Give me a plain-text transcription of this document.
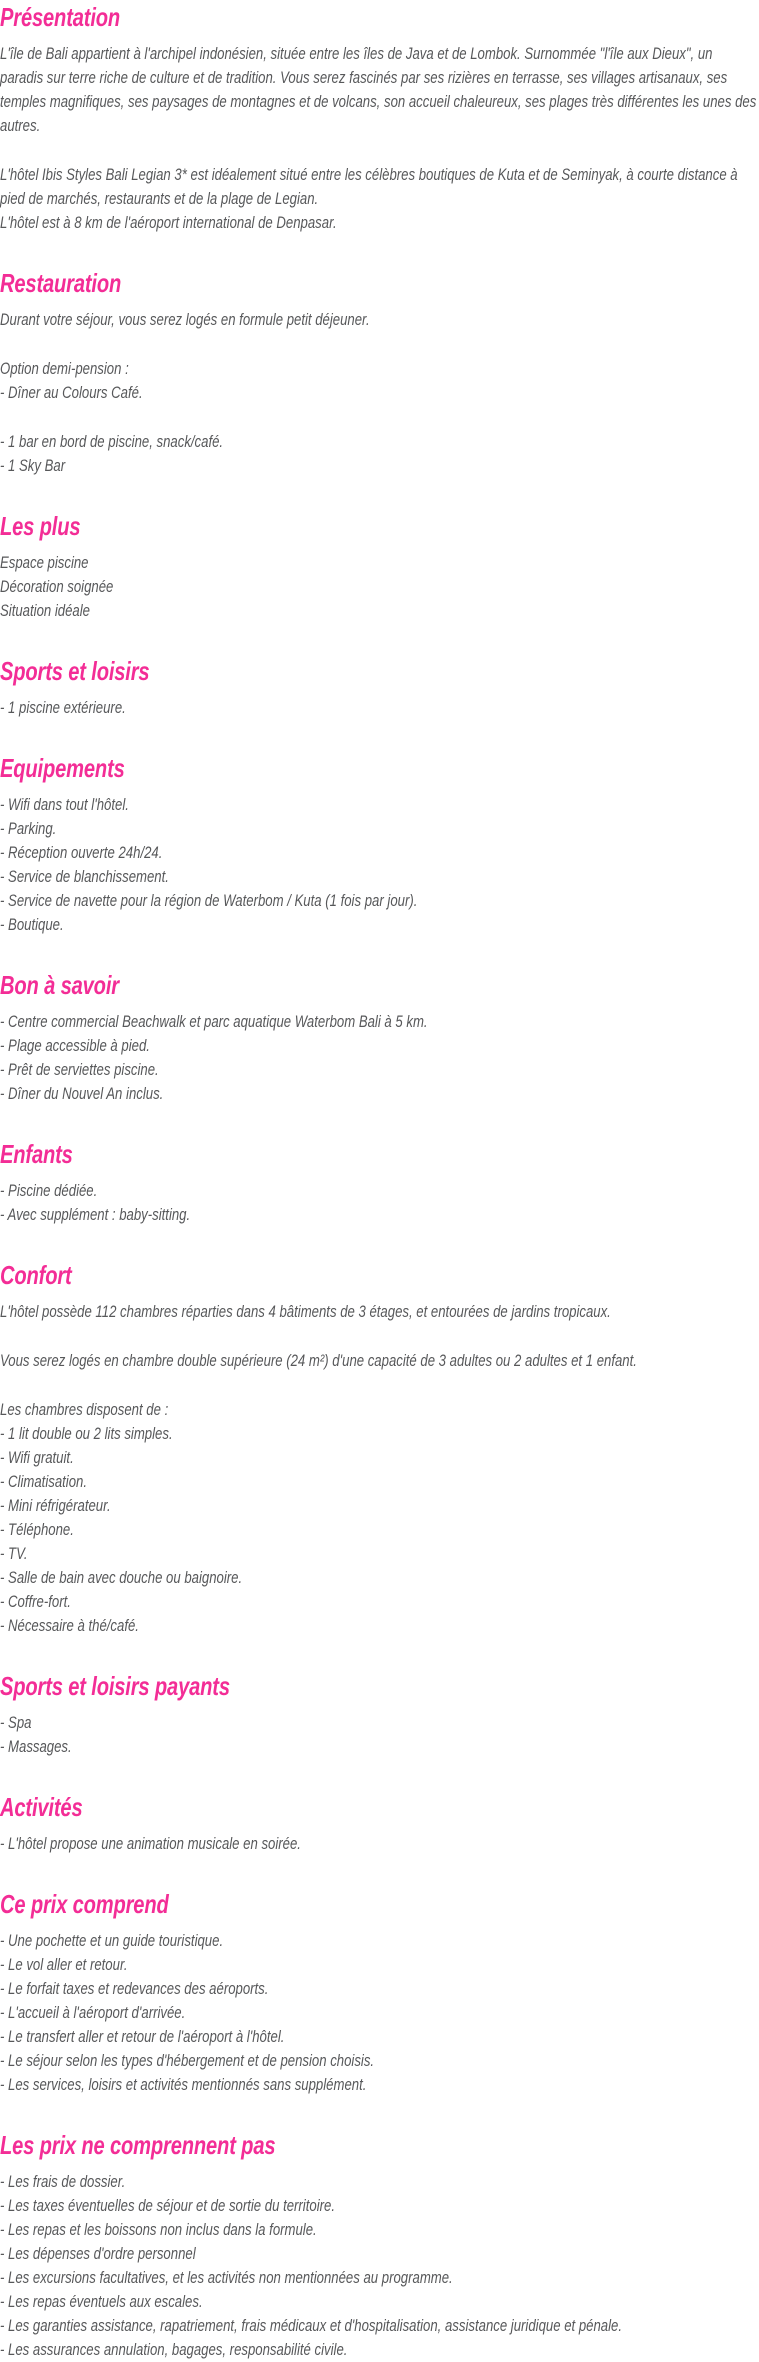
Présentation

L'île de Bali appartient à l'archipel indonésien, située entre les îles de Java et de Lombok. Surnommée "l'île aux Dieux", un paradis sur terre riche de culture et de tradition. Vous serez fascinés par ses rizières en terrasse, ses villages artisanaux, ses temples magnifiques, ses paysages de montagnes et de volcans, son accueil chaleureux, ses plages très différentes les unes des autres.

L'hôtel Ibis Styles Bali Legian 3* est idéalement situé entre les célèbres boutiques de Kuta et de Seminyak, à courte distance à pied de marchés, restaurants et de la plage de Legian.
L'hôtel est à 8 km de l'aéroport international de Denpasar.

Restauration

Durant votre séjour, vous serez logés en formule petit déjeuner.

Option demi-pension :
- Dîner au Colours Café.

- 1 bar en bord de piscine, snack/café.
- 1 Sky Bar

Les plus

Espace piscine
Décoration soignée
Situation idéale

Sports et loisirs

- 1 piscine extérieure.

Equipements

- Wifi dans tout l'hôtel.
- Parking.
- Réception ouverte 24h/24.
- Service de blanchissement.
- Service de navette pour la région de Waterbom / Kuta (1 fois par jour).
- Boutique.

Bon à savoir

- Centre commercial Beachwalk et parc aquatique Waterbom Bali à 5 km.
- Plage accessible à pied.
- Prêt de serviettes piscine.
- Dîner du Nouvel An inclus.

Enfants

- Piscine dédiée.
- Avec supplément : baby-sitting.

Confort

L'hôtel possède 112 chambres réparties dans 4 bâtiments de 3 étages, et entourées de jardins tropicaux.

Vous serez logés en chambre double supérieure (24 m²) d'une capacité de 3 adultes ou 2 adultes et 1 enfant.

Les chambres disposent de :
- 1 lit double ou 2 lits simples.
- Wifi gratuit.
- Climatisation.
- Mini réfrigérateur.
- Téléphone.
- TV.
- Salle de bain avec douche ou baignoire.
- Coffre-fort.
- Nécessaire à thé/café.

Sports et loisirs payants

- Spa
- Massages.

Activités

- L'hôtel propose une animation musicale en soirée.

Ce prix comprend

- Une pochette et un guide touristique.
- Le vol aller et retour.
- Le forfait taxes et redevances des aéroports.
- L'accueil à l'aéroport d'arrivée.
- Le transfert aller et retour de l'aéroport à l'hôtel.
- Le séjour selon les types d'hébergement et de pension choisis.
- Les services, loisirs et activités mentionnés sans supplément.

Les prix ne comprennent pas

- Les frais de dossier.
- Les taxes éventuelles de séjour et de sortie du territoire.
- Les repas et les boissons non inclus dans la formule.
- Les dépenses d'ordre personnel
- Les excursions facultatives, et les activités non mentionnées au programme.
- Les repas éventuels aux escales.
- Les garanties assistance, rapatriement, frais médicaux et d'hospitalisation, assistance juridique et pénale.
- Les assurances annulation, bagages, responsabilité civile.
